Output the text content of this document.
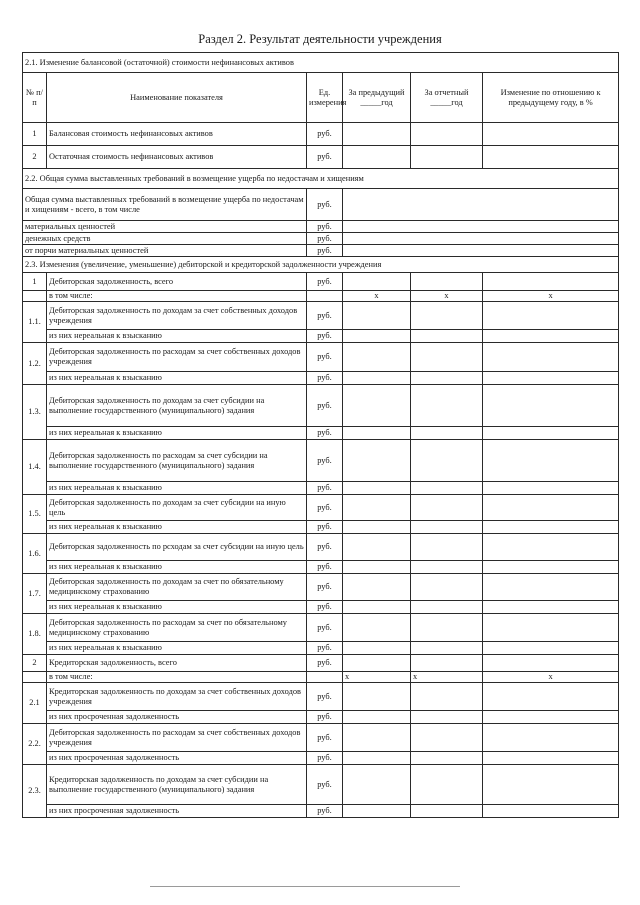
Раздел 2. Результат деятельности учреждения
2.1. Изменение балансовой (остаточной) стоимости нефинансовых активов					
№ п/п	Наименование показателя	Ед. измерения	За предыдущий _____год	За отчетный _____год	Изменение по отношению к предыдущему году, в %
1	Балансовая стоимость нефинансовых активов	руб.			
2	Остаточная стоимость нефинансовых активов	руб.			
2.2. Общая сумма выставленных требований в возмещение ущерба по недостачам и хищениям					
Общая сумма выставленных требований в возмещение ущерба по недостачам и хищениям - всего, в том числе		руб.			
материальных ценностей		руб.			
денежных средств		руб.			
от порчи материальных ценностей		руб.			
2.3. Изменения (увеличение, уменьшение) дебиторской и кредиторской задолженности учреждения					
1	Дебиторская задолженность, всего	руб.			
	в том числе:		x	x	x
1.1.	Дебиторская задолженность по доходам за счет собственных доходов учреждения	руб.			
	из них нереальная к взысканию	руб.			
1.2.	Дебиторская задолженность по расходам за счет собственных доходов учреждения	руб.			
	из них нереальная к взысканию	руб.			
1.3.	Дебиторская задолженность по доходам за счет субсидии на выполнение государственного (муниципального) задания	руб.			
	из них нереальная к взысканию	руб.			
1.4.	Дебиторская задолженность по расходам за счет субсидии на выполнение государственного (муниципального) задания	руб.			
	из них нереальная к взысканию	руб.			
1.5.	Дебиторская задолженность по доходам за счет субсидии на иную цель	руб.			
	из них нереальная к взысканию	руб.			
1.6.	Дебиторская задолженность по рсходам за счет субсидии на иную цель	руб.			
	из них нереальная к взысканию	руб.			
1.7.	Дебиторская задолженность по доходам за счет по обязательному медицинскому страхованию	руб.			
	из них нереальная к взысканию	руб.			
1.8.	Дебиторская задолженность по расходам за счет по обязательному медицинскому страхованию	руб.			
	из них нереальная к взысканию	руб.			
2	Кредиторская задолженность, всего	руб.			
	в том числе:		x	x	x
2.1	Кредиторская задолженность по доходам за счет собственных доходов учреждения	руб.			
	из них просроченная задолженность	руб.			
2.2.	Дебиторская задолженность по расходам за счет собственных доходов учреждения	руб.			
	из них просроченная задолженность	руб.			
2.3.	Кредиторская задолженность по доходам за счет субсидии на выполнение государственного (муниципального) задания	руб.			
	из них просроченная задолженность	руб.			
